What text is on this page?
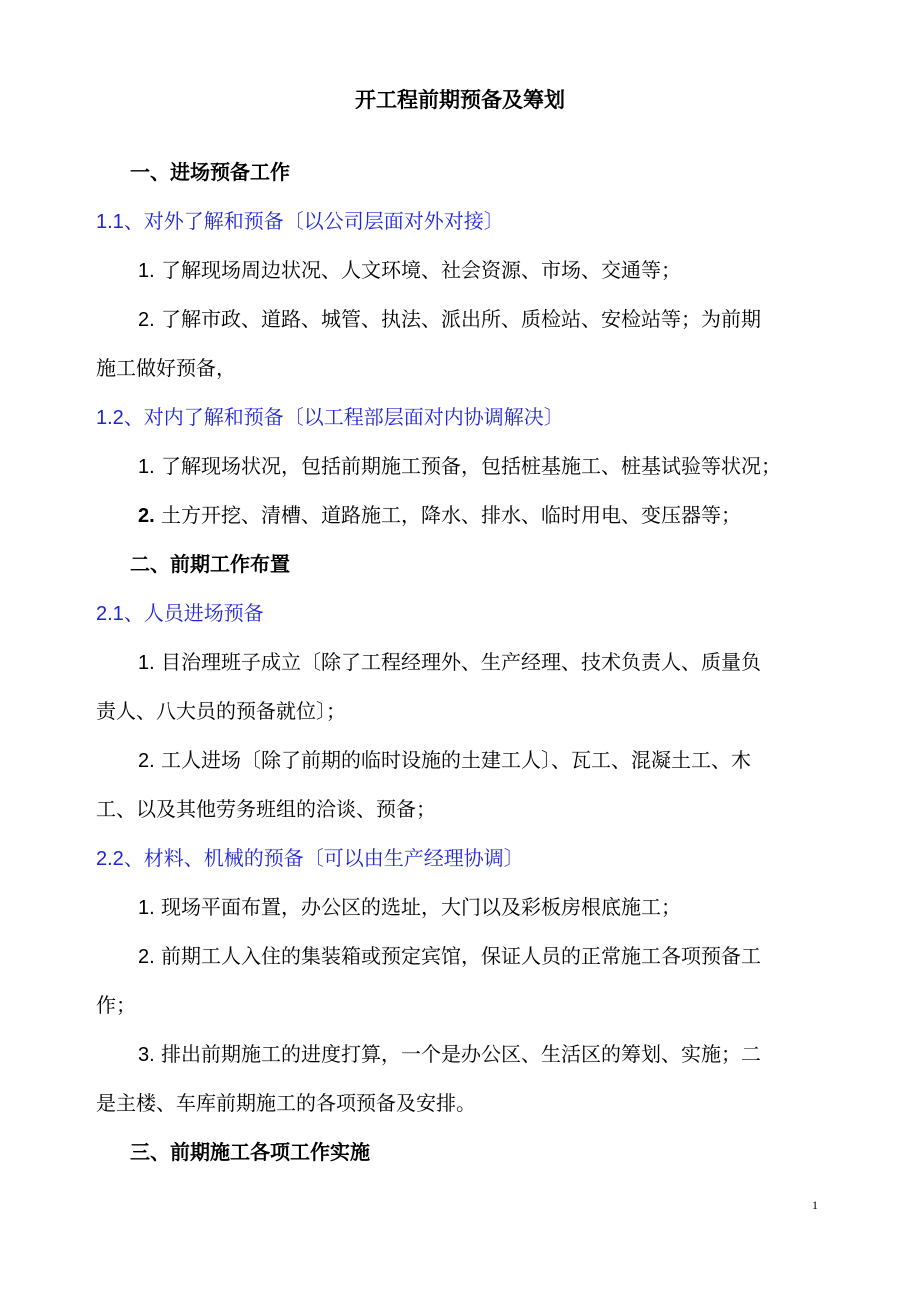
开工程前期预备及筹划
一、进场预备工作
1.1、对外了解和预备〔以公司层面对外对接〕
1. 了解现场周边状况、人文环境、社会资源、市场、交通等；
2. 了解市政、道路、城管、执法、派出所、质检站、安检站等；为前期
施工做好预备，
1.2、对内了解和预备〔以工程部层面对内协调解决〕
1. 了解现场状况，包括前期施工预备，包括桩基施工、桩基试验等状况；
2. 土方开挖、清槽、道路施工，降水、排水、临时用电、变压器等；
二、前期工作布置
2.1、人员进场预备
1. 目治理班子成立〔除了工程经理外、生产经理、技术负责人、质量负
责人、八大员的预备就位〕；
2. 工人进场〔除了前期的临时设施的土建工人〕、瓦工、混凝土工、木
工、以及其他劳务班组的洽谈、预备；
2.2、材料、机械的预备〔可以由生产经理协调〕
1. 现场平面布置，办公区的选址，大门以及彩板房根底施工；
2. 前期工人入住的集装箱或预定宾馆，保证人员的正常施工各项预备工
作；
3. 排出前期施工的进度打算，一个是办公区、生活区的筹划、实施；二
是主楼、车库前期施工的各项预备及安排。
三、前期施工各项工作实施
1
